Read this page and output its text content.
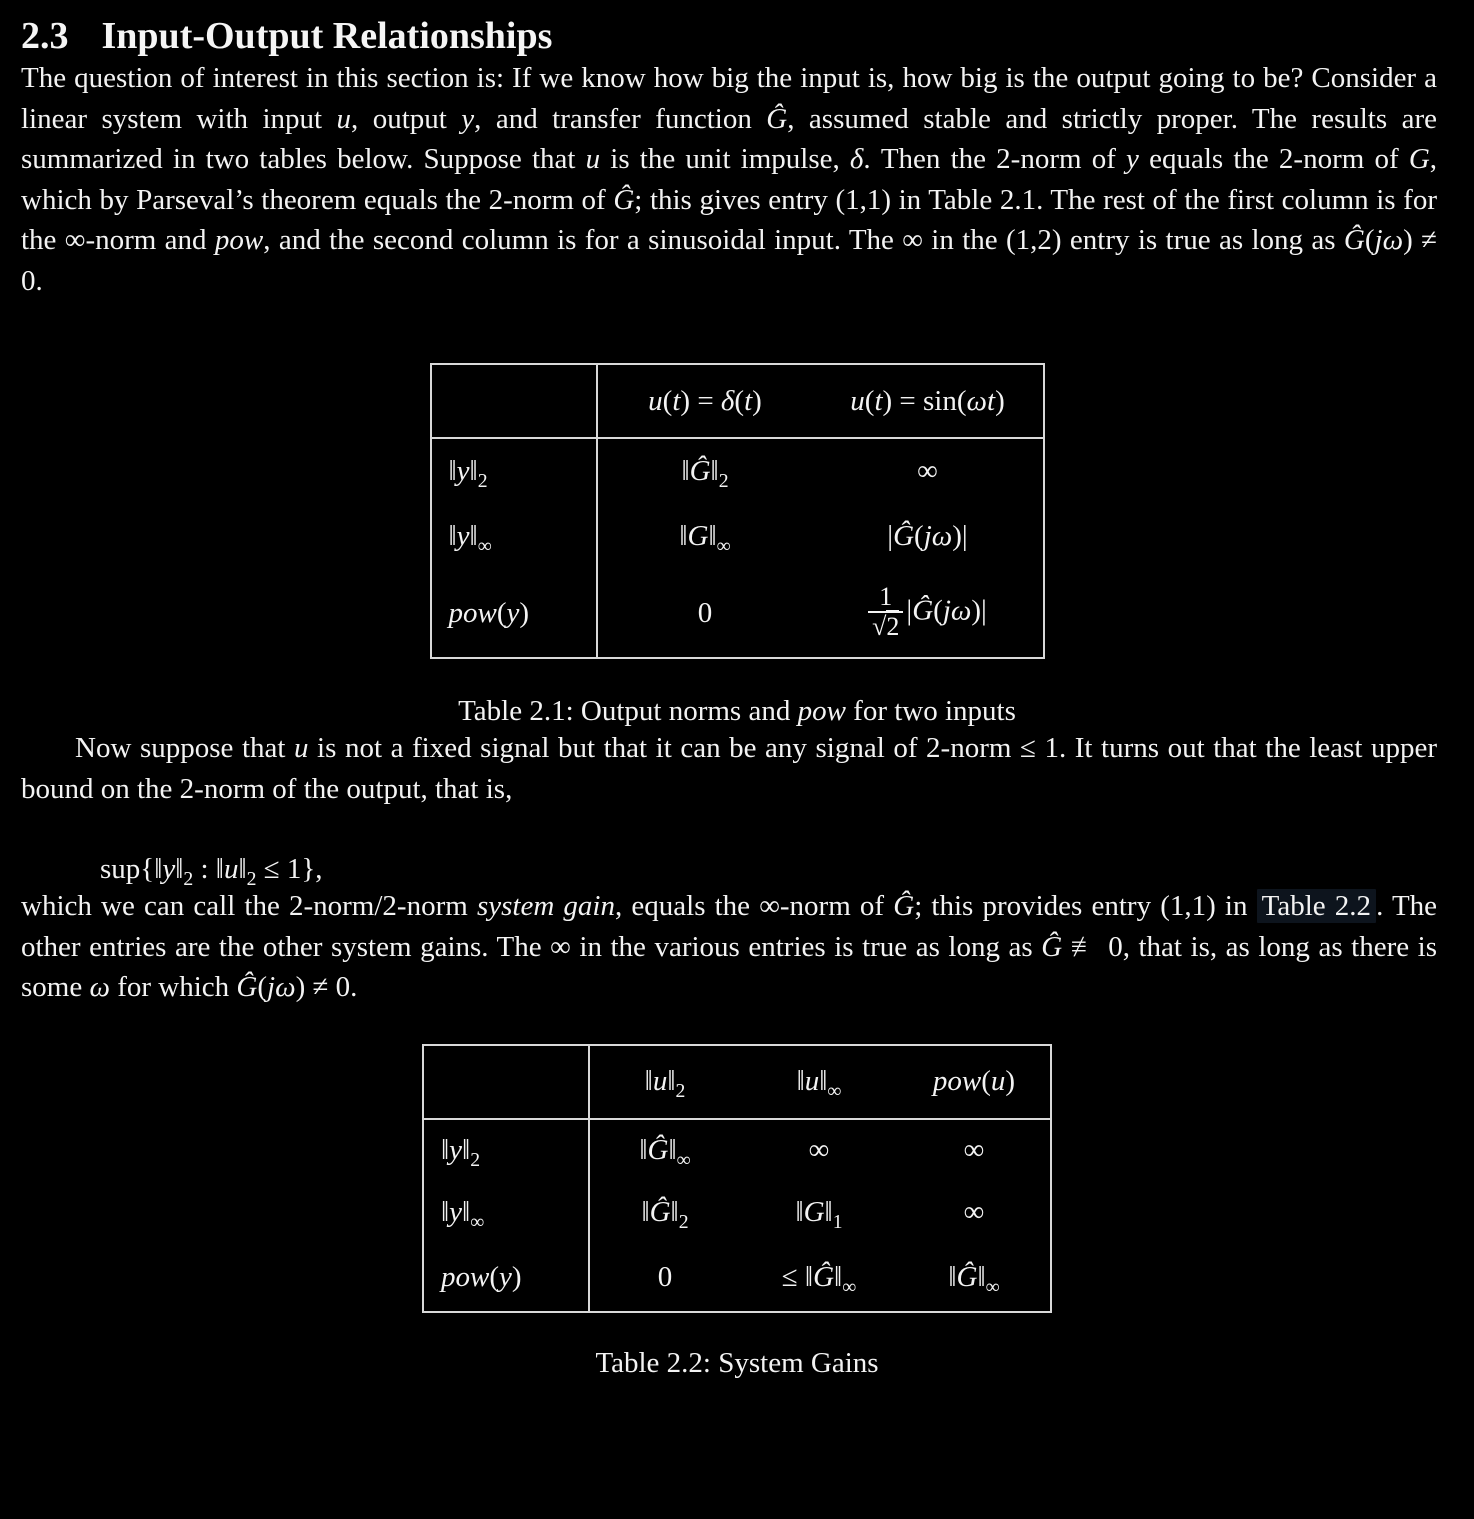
2.3 Input-Output Relationships

The question of interest in this section is: If we know how big the input is, how big is the output going to be? Consider a linear system with input u, output y, and transfer function Ĝ, assumed stable and strictly proper. The results are summarized in two tables below. Suppose that u is the unit impulse, δ. Then the 2-norm of y equals the 2-norm of G, which by Parseval’s theorem equals the 2-norm of Ĝ; this gives entry (1,1) in Table 2.1. The rest of the first column is for the ∞-norm and pow, and the second column is for a sinusoidal input. The ∞ in the (1,2) entry is true as long as Ĝ(jω) ≠ 0.

	u(t) = δ(t)	u(t) = sin(ωt)
$‖y‖_2$	$‖Ĝ‖_2$	∞
$‖y‖_\infty$	$‖G‖_\infty$	|Ĝ(jω)|
pow(y)	0	$\frac{1}{√2}$ |Ĝ(jω)|
Table 2.1: Output norms and pow for two inputs

Now suppose that u is not a fixed signal but that it can be any signal of 2-norm ≤ 1. It turns out that the least upper bound on the 2-norm of the output, that is,

$sup\{‖y‖_2$ : $‖u‖_2 \le 1$},

which we can call the 2-norm/2-norm system gain, equals the ∞-norm of Ĝ; this provides entry (1,1) in Table 2.2 . The other entries are the other system gains. The ∞ in the various entries is true as long as Ĝ ≢ 0, that is, as long as there is some ω for which Ĝ(jω) ≠ 0.

	$‖u‖_2$	$‖u‖_\infty$	pow(u)
$‖y‖_2$	$‖Ĝ‖_\infty$	∞	∞
$‖y‖_\infty$	$‖Ĝ‖_2$	$‖G‖_1$	∞
pow(y)	0	≤ $‖Ĝ‖_\infty$	$‖Ĝ‖_\infty$
Table 2.2: System Gains
